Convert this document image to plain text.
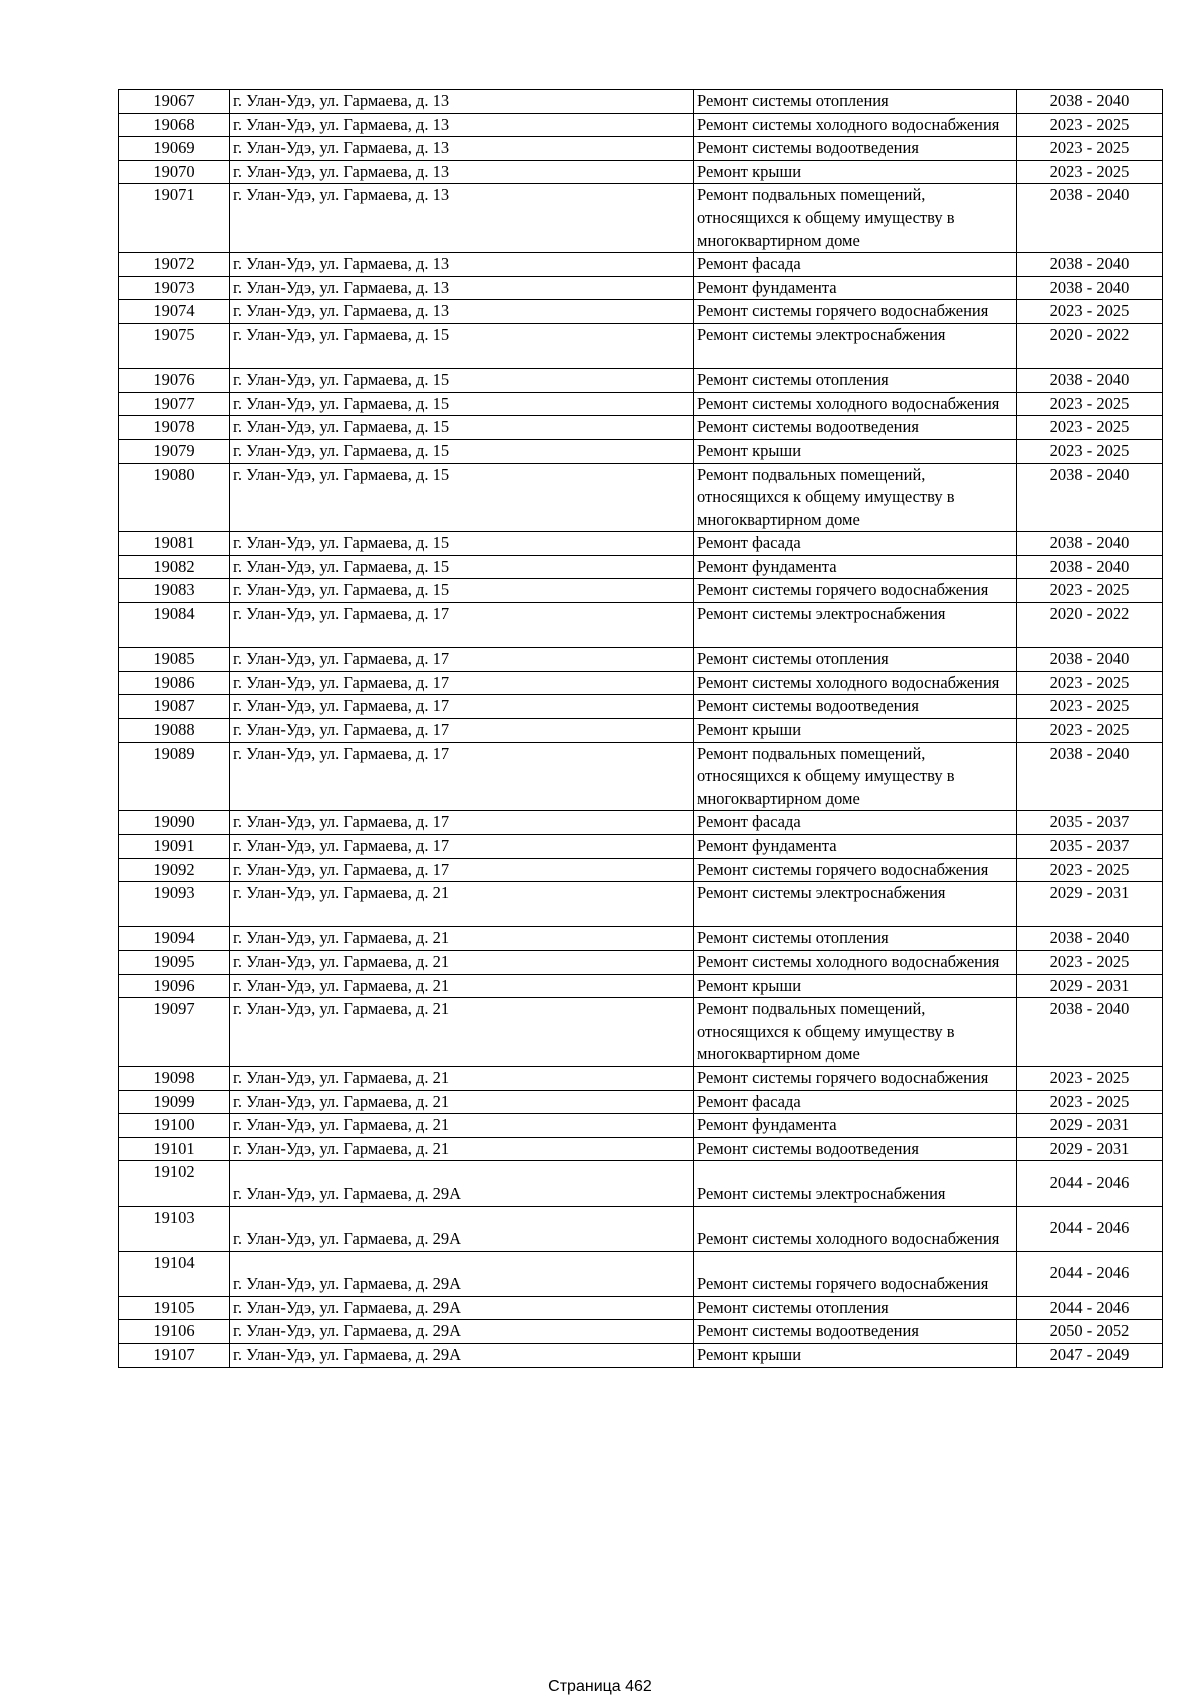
19067	г. Улан-Удэ, ул. Гармаева, д. 13	Ремонт системы отопления	2038 - 2040
19068	г. Улан-Удэ, ул. Гармаева, д. 13	Ремонт системы холодного водоснабжения	2023 - 2025
19069	г. Улан-Удэ, ул. Гармаева, д. 13	Ремонт системы водоотведения	2023 - 2025
19070	г. Улан-Удэ, ул. Гармаева, д. 13	Ремонт крыши	2023 - 2025
19071	г. Улан-Удэ, ул. Гармаева, д. 13	Ремонт подвальных помещений, относящихся к общему имуществу в многоквартирном доме	2038 - 2040
19072	г. Улан-Удэ, ул. Гармаева, д. 13	Ремонт фасада	2038 - 2040
19073	г. Улан-Удэ, ул. Гармаева, д. 13	Ремонт фундамента	2038 - 2040
19074	г. Улан-Удэ, ул. Гармаева, д. 13	Ремонт системы горячего водоснабжения	2023 - 2025
19075	г. Улан-Удэ, ул. Гармаева, д. 15	Ремонт системы электроснабжения	2020 - 2022
19076	г. Улан-Удэ, ул. Гармаева, д. 15	Ремонт системы отопления	2038 - 2040
19077	г. Улан-Удэ, ул. Гармаева, д. 15	Ремонт системы холодного водоснабжения	2023 - 2025
19078	г. Улан-Удэ, ул. Гармаева, д. 15	Ремонт системы водоотведения	2023 - 2025
19079	г. Улан-Удэ, ул. Гармаева, д. 15	Ремонт крыши	2023 - 2025
19080	г. Улан-Удэ, ул. Гармаева, д. 15	Ремонт подвальных помещений, относящихся к общему имуществу в многоквартирном доме	2038 - 2040
19081	г. Улан-Удэ, ул. Гармаева, д. 15	Ремонт фасада	2038 - 2040
19082	г. Улан-Удэ, ул. Гармаева, д. 15	Ремонт фундамента	2038 - 2040
19083	г. Улан-Удэ, ул. Гармаева, д. 15	Ремонт системы горячего водоснабжения	2023 - 2025
19084	г. Улан-Удэ, ул. Гармаева, д. 17	Ремонт системы электроснабжения	2020 - 2022
19085	г. Улан-Удэ, ул. Гармаева, д. 17	Ремонт системы отопления	2038 - 2040
19086	г. Улан-Удэ, ул. Гармаева, д. 17	Ремонт системы холодного водоснабжения	2023 - 2025
19087	г. Улан-Удэ, ул. Гармаева, д. 17	Ремонт системы водоотведения	2023 - 2025
19088	г. Улан-Удэ, ул. Гармаева, д. 17	Ремонт крыши	2023 - 2025
19089	г. Улан-Удэ, ул. Гармаева, д. 17	Ремонт подвальных помещений, относящихся к общему имуществу в многоквартирном доме	2038 - 2040
19090	г. Улан-Удэ, ул. Гармаева, д. 17	Ремонт фасада	2035 - 2037
19091	г. Улан-Удэ, ул. Гармаева, д. 17	Ремонт фундамента	2035 - 2037
19092	г. Улан-Удэ, ул. Гармаева, д. 17	Ремонт системы горячего водоснабжения	2023 - 2025
19093	г. Улан-Удэ, ул. Гармаева, д. 21	Ремонт системы электроснабжения	2029 - 2031
19094	г. Улан-Удэ, ул. Гармаева, д. 21	Ремонт системы отопления	2038 - 2040
19095	г. Улан-Удэ, ул. Гармаева, д. 21	Ремонт системы холодного водоснабжения	2023 - 2025
19096	г. Улан-Удэ, ул. Гармаева, д. 21	Ремонт крыши	2029 - 2031
19097	г. Улан-Удэ, ул. Гармаева, д. 21	Ремонт подвальных помещений, относящихся к общему имуществу в многоквартирном доме	2038 - 2040
19098	г. Улан-Удэ, ул. Гармаева, д. 21	Ремонт системы горячего водоснабжения	2023 - 2025
19099	г. Улан-Удэ, ул. Гармаева, д. 21	Ремонт фасада	2023 - 2025
19100	г. Улан-Удэ, ул. Гармаева, д. 21	Ремонт фундамента	2029 - 2031
19101	г. Улан-Удэ, ул. Гармаева, д. 21	Ремонт системы водоотведения	2029 - 2031
19102	г. Улан-Удэ, ул. Гармаева, д. 29А	Ремонт системы электроснабжения	2044 - 2046
19103	г. Улан-Удэ, ул. Гармаева, д. 29А	Ремонт системы холодного водоснабжения	2044 - 2046
19104	г. Улан-Удэ, ул. Гармаева, д. 29А	Ремонт системы горячего водоснабжения	2044 - 2046
19105	г. Улан-Удэ, ул. Гармаева, д. 29А	Ремонт системы отопления	2044 - 2046
19106	г. Улан-Удэ, ул. Гармаева, д. 29А	Ремонт системы водоотведения	2050 - 2052
19107	г. Улан-Удэ, ул. Гармаева, д. 29А	Ремонт крыши	2047 - 2049
Страница 462
